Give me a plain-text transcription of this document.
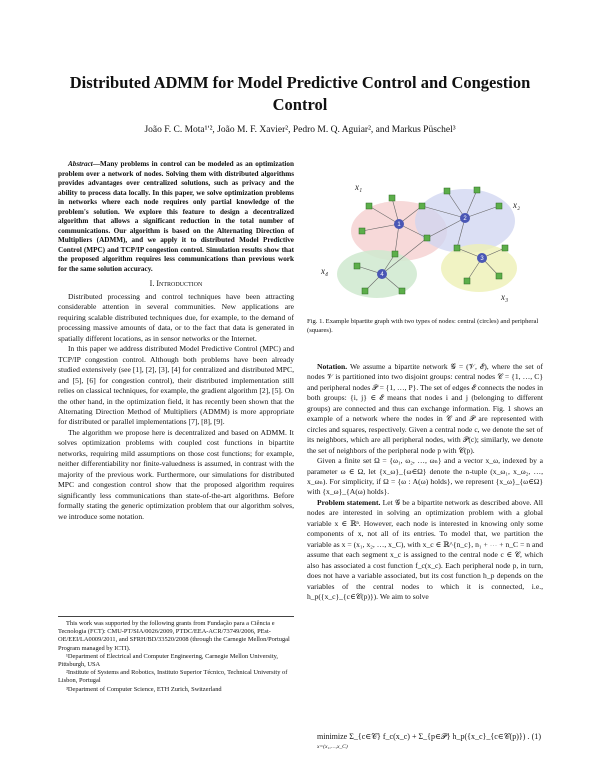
Distributed ADMM for Model Predictive Control and Congestion Control
João F. C. Mota¹ʹ², João M. F. Xavier², Pedro M. Q. Aguiar², and Markus Püschel³

Abstract—Many problems in control can be modeled as an optimization problem over a network of nodes. Solving them with distributed algorithms provides advantages over centralized solutions, such as privacy and the ability to process data locally. In this paper, we solve optimization problems in networks where each node requires only partial knowledge of the problem's solution. We explore this feature to design a decentralized algorithm that allows a significant reduction in the total number of communications. Our algorithm is based on the Alternating Direction of Multipliers (ADMM), and we apply it to distributed Model Predictive Control (MPC) and TCP/IP congestion control. Simulation results show that the proposed algorithm requires less communications than previous work for the same solution accuracy.

I. Introduction

Distributed processing and control techniques have been attracting considerable attention in several communities. New applications are requiring scalable distributed techniques due, for example, to the demand of processing massive amounts of data, or to the fact that data is generated in spatially different locations, as in sensor networks or the Internet.

In this paper we address distributed Model Predictive Control (MPC) and TCP/IP congestion control. Although both problems have been already studied extensively (see [1], [2], [3], [4] for centralized and distributed MPC, and [5], [6] for congestion control), their distributed implementation still relies on classical techniques, for example, the gradient algorithm [2], [5]. On the other hand, in the optimization field, it has recently been shown that the Alternating Direction Method of Multipliers (ADMM) is more appropriate for distributed or parallel implementations [7], [8], [9].

The algorithm we propose here is decentralized and based on ADMM. It solves optimization problems with coupled cost functions in bipartite networks, requiring mild assumptions on those cost functions; for example, neither differentiability nor finite-valuedness is assumed, in contrast with the majority of the previous work. Furthermore, our simulations for distributed MPC and congestion control show that the proposed algorithm requires significantly less communications than state-of-the-art algorithms. Before formally stating the generic optimization problem that our algorithm solves, we introduce some notation.

This work was supported by the following grants from Fundação para a Ciência e Tecnologia (FCT): CMU-PT/SIA/0026/2009, PTDC/EEA-ACR/73749/2006, PEst-OE/EEI/LA0009/2011, and SFRH/BD/33520/2008 (through the Carnegie Mellon/Portugal Program managed by ICTI).
¹Department of Electrical and Computer Engineering, Carnegie Mellon University, Pittsburgh, USA
²Institute of Systems and Robotics, Instituto Superior Técnico, Technical University of Lisbon, Portugal
³Department of Computer Science, ETH Zurich, Switzerland
1
2
3
4
x₁
x₂
x₃
x₄
Fig. 1. Example bipartite graph with two types of nodes: central (circles) and peripheral (squares).

Notation. We assume a bipartite network 𝒢 = (𝒱, ℰ), where the set of nodes 𝒱 is partitioned into two disjoint groups: central nodes 𝒞 = {1, …, C} and peripheral nodes 𝒫 = {1, …, P}. The set of edges ℰ connects the nodes in both groups: {i, j} ∈ ℰ means that nodes i and j (belonging to different groups) are connected and thus can exchange information. Fig. 1 shows an example of a network where the nodes in 𝒞 and 𝒫 are represented with circles and squares, respectively. Given a central node c, we denote the set of its neighbors, which are all peripheral nodes, with 𝒫(c); similarly, we denote the set of neighbors of the peripheral node p with 𝒞(p).

Given a finite set Ω = {ω₁, ω₂, …, ωₙ} and a vector x_ω, indexed by a parameter ω ∈ Ω, let {x_ω}_{ω∈Ω} denote the n-tuple (x_ω₁, x_ω₂, …, x_ωₙ). For simplicity, if Ω = {ω : A(ω) holds}, we represent {x_ω}_{ω∈Ω} with {x_ω}_{A(ω) holds}.

Problem statement. Let 𝒢 be a bipartite network as described above. All nodes are interested in solving an optimization problem with a global variable x ∈ ℝⁿ. However, each node is interested in knowing only some components of x, not all of its entries. To model that, we partition the variable as x = (x₁, x₂, …, x_C), with x_c ∈ ℝ^{n_c}, n₁ + ⋯ + n_C = n and assume that each segment x_c is assigned to the central node c ∈ 𝒞, which also has associated a cost function f_c(x_c). Each peripheral node p, in turn, does not have a variable associated, but its cost function h_p depends on the variables of the central nodes to which it is connected, i.e., h_p({x_c}_{c∈𝒞(p)}). We aim to solve

minimize Σ_{c∈𝒞} f_c(x_c) + Σ_{p∈𝒫} h_p({x_c}_{c∈𝒞(p)}) .
x=(x₁,…,x_C)
(1)
